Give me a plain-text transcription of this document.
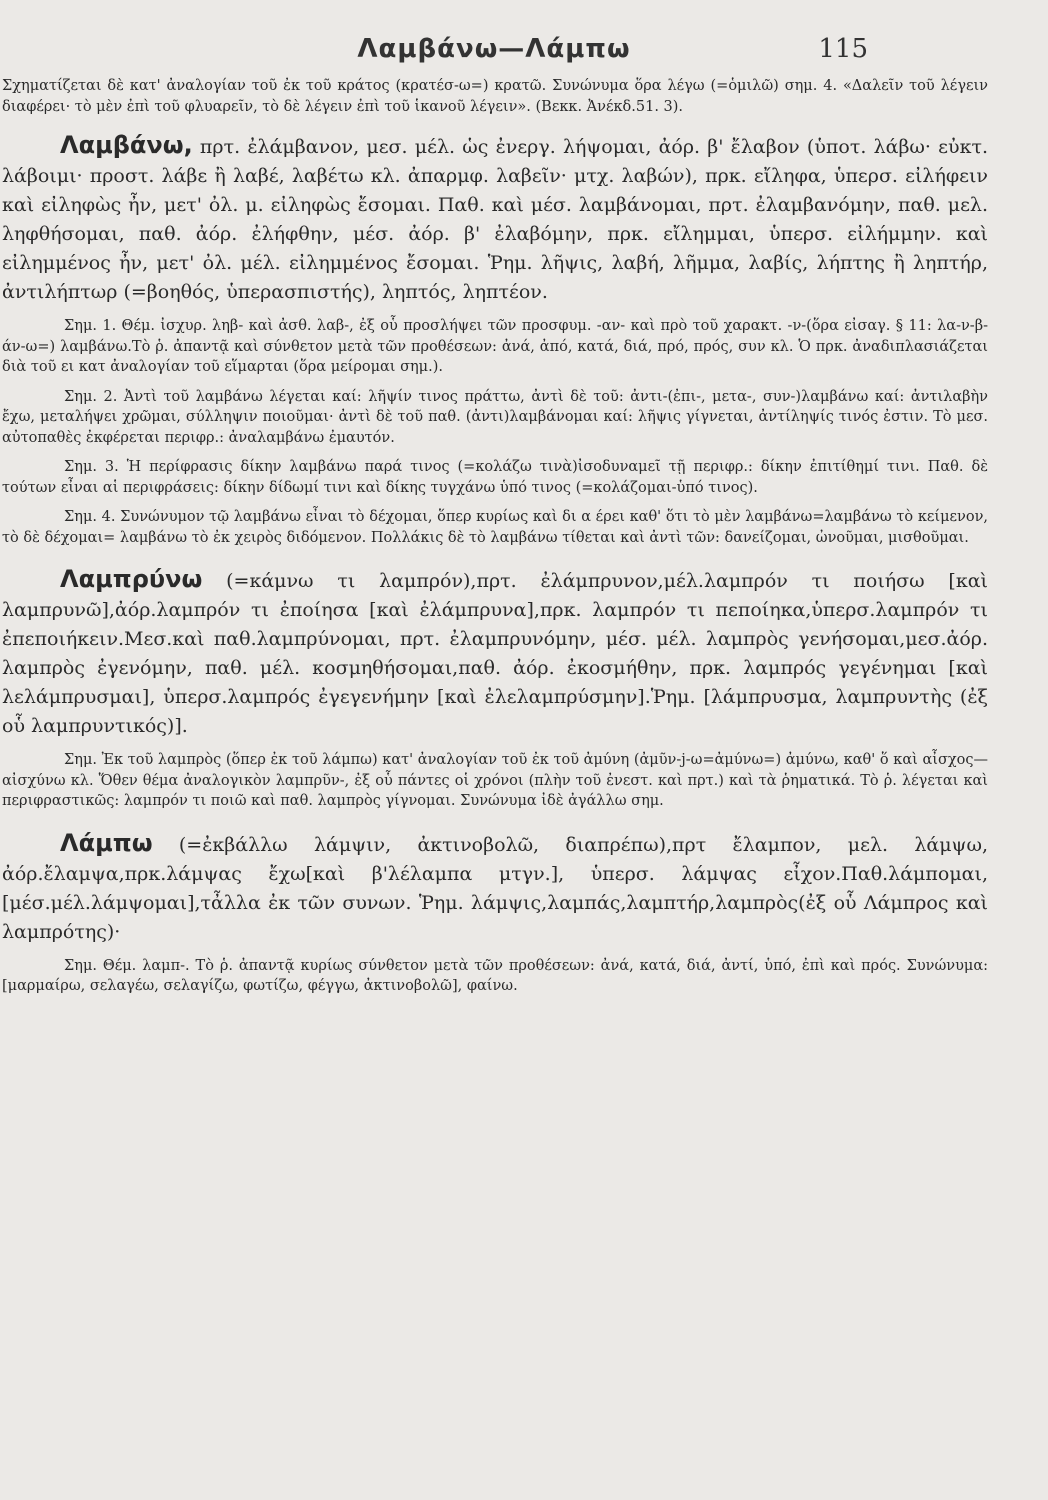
Λαμβάνω—Λάμπω	115

Σχηματίζεται δὲ κατ' ἀναλογίαν τοῦ ἐκ τοῦ κράτος (κρατέσ-ω=) κρατῶ. Συνώνυμα ὅρα λέγω (=ὁμιλῶ) σημ. 4. «Δαλεῖν τοῦ λέγειν διαφέρει· τὸ μὲν ἐπὶ τοῦ φλυαρεῖν, τὸ δὲ λέγειν ἐπὶ τοῦ ἱκανοῦ λέγειν». (Βεκκ. Ἀνέκδ.51. 3).

Λαμβάνω, πρτ. ἐλάμβανον, μεσ. μέλ. ὡς ἐνεργ. λήψομαι, ἀόρ. β' ἔλαβον (ὑποτ. λάβω· εὐκτ. λάβοιμι· προστ. λάβε ἢ λαβέ, λαβέτω κλ. ἀπαρμφ. λαβεῖν· μτχ. λαβών), πρκ. εἴληφα, ὑπερσ. εἰλήφειν καὶ εἰληφὼς ἦν, μετ' ὀλ. μ. εἰληφὼς ἔσομαι. Παθ. καὶ μέσ. λαμβάνομαι, πρτ. ἐλαμβανόμην, παθ. μελ. ληφθήσομαι, παθ. ἀόρ. ἐλήφθην, μέσ. ἀόρ. β' ἐλαβόμην, πρκ. εἴλημμαι, ὑπερσ. εἰλήμμην. καὶ εἰλημμένος ἦν, μετ' ὀλ. μέλ. εἰλημμένος ἔσομαι. Ῥημ. λῆψις, λαβή, λῆμμα, λαβίς, λήπτης ἢ ληπτήρ, ἀντιλήπτωρ (=βοηθός, ὑπερασπιστής), ληπτός, ληπτέον.

Σημ. 1. Θέμ. ἰσχυρ. ληβ- καὶ ἀσθ. λαβ-, ἐξ οὗ προσλήψει τῶν προσφυμ. -αν- καὶ πρὸ τοῦ χαρακτ. -ν-(ὅρα εἰσαγ. § 11: λα-ν-β-άν-ω=) λαμβάνω.Τὸ ῥ. ἀπαντᾷ καὶ σύνθετον μετὰ τῶν προθέσεων: ἀνά, ἀπό, κατά, διά, πρό, πρός, συν κλ. Ὁ πρκ. ἀναδιπλασιάζεται διὰ τοῦ ει κατ ἀναλογίαν τοῦ εἵμαρται (ὅρα μείρομαι σημ.).

Σημ. 2. Ἀντὶ τοῦ λαμβάνω λέγεται καί: λῆψίν τινος πράττω, ἀντὶ δὲ τοῦ: ἀντι-(ἐπι-, μετα-, συν-)λαμβάνω καί: ἀντιλαβὴν ἔχω, μεταλήψει χρῶμαι, σύλληψιν ποιοῦμαι· ἀντὶ δὲ τοῦ παθ. (ἀντι)λαμβάνομαι καί: λῆψις γίγνεται, ἀντίληψίς τινός ἐστιν. Τὸ μεσ. αὐτοπαθὲς ἐκφέρεται περιφρ.: ἀναλαμβάνω ἐμαυτόν.

Σημ. 3. Ἡ περίφρασις δίκην λαμβάνω παρά τινος (=κολάζω τινὰ)ἰσοδυναμεῖ τῇ περιφρ.: δίκην ἐπιτίθημί τινι. Παθ. δὲ τούτων εἶναι αἱ περιφράσεις: δίκην δίδωμί τινι καὶ δίκης τυγχάνω ὑπό τινος (=κολάζομαι-ὑπό τινος).

Σημ. 4. Συνώνυμον τῷ λαμβάνω εἶναι τὸ δέχομαι, ὅπερ κυρίως καὶ δι α έρει καθ' ὅτι τὸ μὲν λαμβάνω=λαμβάνω τὸ κείμενον, τὸ δὲ δέχομαι= λαμβάνω τὸ ἐκ χειρὸς διδόμενον. Πολλάκις δὲ τὸ λαμβάνω τίθεται καὶ ἀντὶ τῶν: δανείζομαι, ὠνοῦμαι, μισθοῦμαι.

Λαμπρύνω (=κάμνω τι λαμπρόν),πρτ. ἐλάμπρυνον,μέλ.λαμπρόν τι ποιήσω [καὶ λαμπρυνῶ],ἀόρ.λαμπρόν τι ἐποίησα [καὶ ἐλάμπρυνα],πρκ. λαμπρόν τι πεποίηκα,ὑπερσ.λαμπρόν τι ἐπεποιήκειν.Μεσ.καὶ παθ.λαμπρύνομαι, πρτ. ἐλαμπρυνόμην, μέσ. μέλ. λαμπρὸς γενήσομαι,μεσ.ἀόρ. λαμπρὸς ἐγενόμην, παθ. μέλ. κοσμηθήσομαι,παθ. ἀόρ. ἐκοσμήθην, πρκ. λαμπρός γεγένημαι [καὶ λελάμπρυσμαι], ὑπερσ.λαμπρός ἐγεγενήμην [καὶ ἐλελαμπρύσμην].Ῥημ. [λάμπρυσμα, λαμπρυντὴς (ἐξ οὗ λαμπρυντικός)].

Σημ. Ἐκ τοῦ λαμπρὸς (ὅπερ ἐκ τοῦ λάμπω) κατ' ἀναλογίαν τοῦ ἐκ τοῦ ἀμύνη (ἀμῦν-j-ω=ἀμύνω=) ἀμύνω, καθ' ὅ καὶ αἶσχος—αἰσχύνω κλ. Ὅθεν θέμα ἀναλογικὸν λαμπρῦν-, ἐξ οὗ πάντες οἱ χρόνοι (πλὴν τοῦ ἐνεστ. καὶ πρτ.) καὶ τὰ ῥηματικά. Τὸ ῥ. λέγεται καὶ περιφραστικῶς: λαμπρόν τι ποιῶ καὶ παθ. λαμπρὸς γίγνομαι. Συνώνυμα ἰδὲ ἀγάλλω σημ.

Λάμπω (=ἐκβάλλω λάμψιν, ἀκτινοβολῶ, διαπρέπω),πρτ ἔλαμπον, μελ. λάμψω, ἀόρ.ἔλαμψα,πρκ.λάμψας ἔχω[καὶ β'λέλαμπα μτγν.], ὑπερσ. λάμψας εἶχον.Παθ.λάμπομαι,[μέσ.μέλ.λάμψομαι],τἆλλα ἐκ τῶν συνων. Ῥημ. λάμψις,λαμπάς,λαμπτήρ,λαμπρὸς(ἐξ οὗ Λάμπρος καὶ λαμπρότης)·

Σημ. Θέμ. λαμπ-. Τὸ ῥ. ἀπαντᾷ κυρίως σύνθετον μετὰ τῶν προθέσεων: ἀνά, κατά, διά, ἀντί, ὑπό, ἐπὶ καὶ πρός. Συνώνυμα: [μαρμαίρω, σελαγέω, σελαγίζω, φωτίζω, φέγγω, ἀκτινοβολῶ], φαίνω.
